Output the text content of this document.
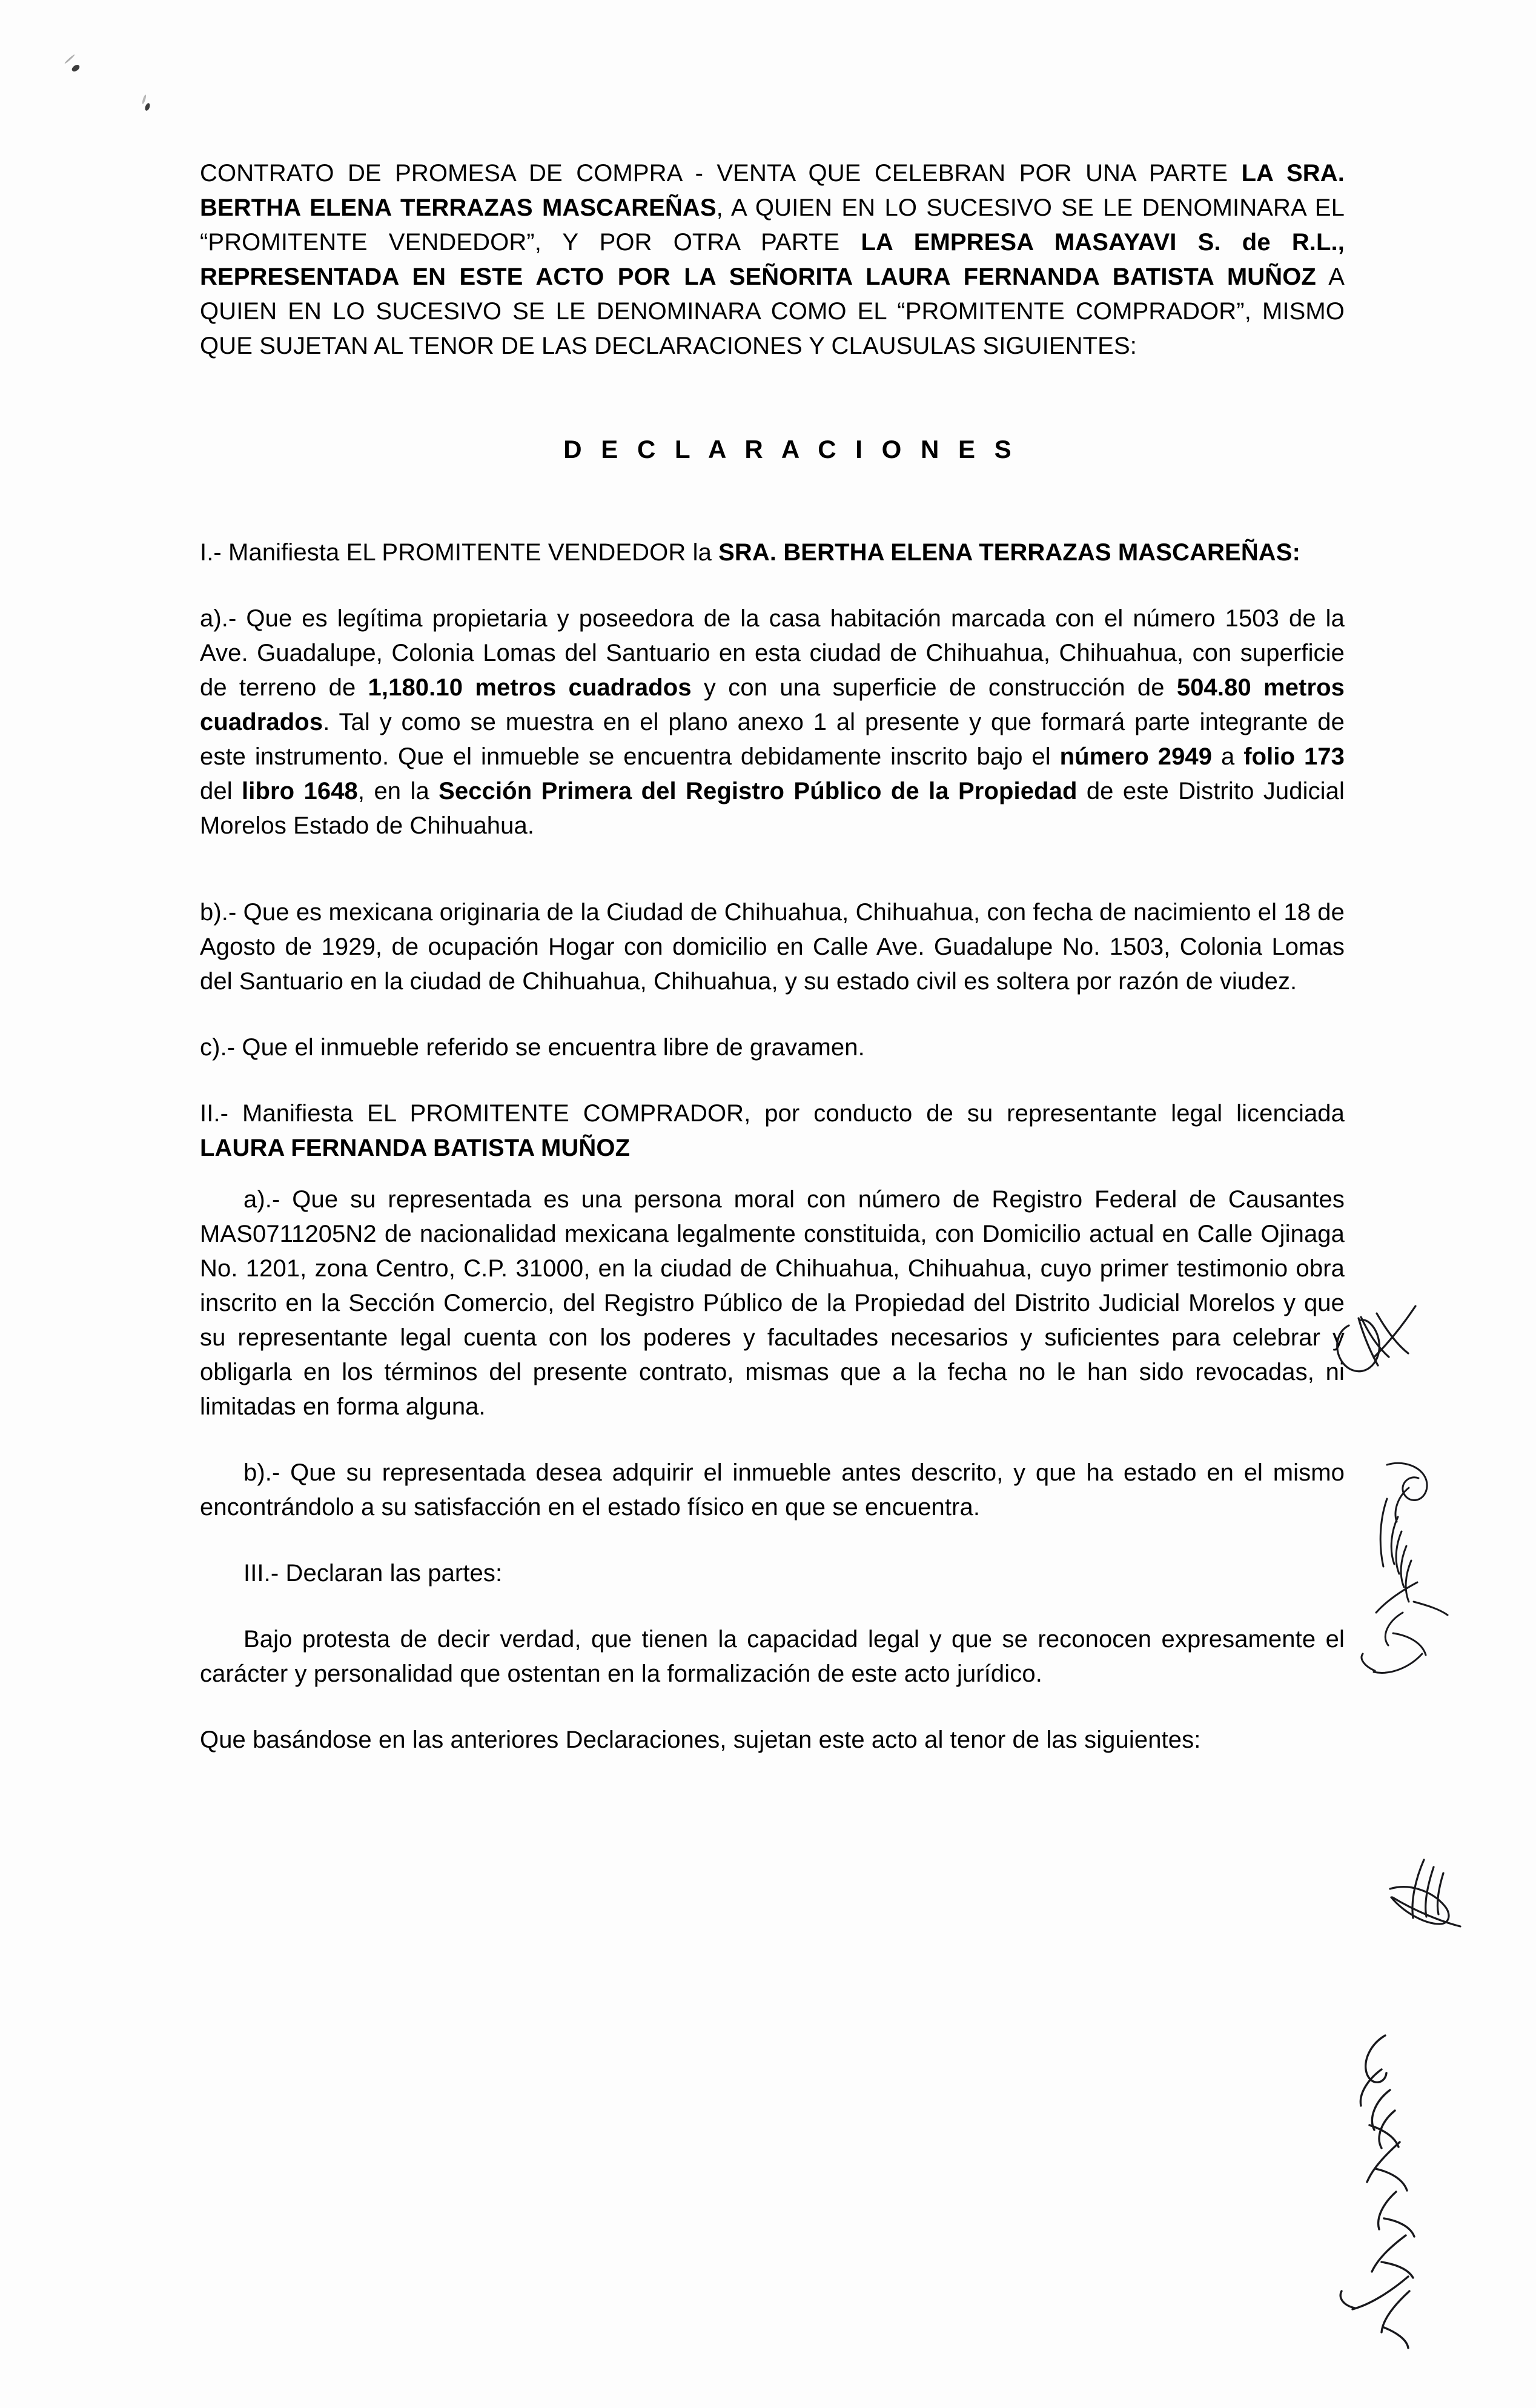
CONTRATO DE PROMESA DE COMPRA - VENTA QUE CELEBRAN POR UNA PARTE LA SRA. BERTHA ELENA TERRAZAS MASCAREÑAS, A QUIEN EN LO SUCESIVO SE LE DENOMINARA EL “PROMITENTE VENDEDOR”, Y POR OTRA PARTE LA EMPRESA MASAYAVI S. de R.L., REPRESENTADA EN ESTE ACTO POR LA SEÑORITA LAURA FERNANDA BATISTA MUÑOZ A QUIEN EN LO SUCESIVO SE LE DENOMINARA COMO EL “PROMITENTE COMPRADOR”, MISMO QUE SUJETAN AL TENOR DE LAS DECLARACIONES Y CLAUSULAS SIGUIENTES:

D E C L A R A C I O N E S

I.- Manifiesta EL PROMITENTE VENDEDOR la SRA. BERTHA ELENA TERRAZAS MASCAREÑAS:

a).- Que es legítima propietaria y poseedora de la casa habitación marcada con el número 1503 de la Ave. Guadalupe, Colonia Lomas del Santuario en esta ciudad de Chihuahua, Chihuahua, con superficie de terreno de 1,180.10 metros cuadrados y con una superficie de construcción de 504.80 metros cuadrados. Tal y como se muestra en el plano anexo 1 al presente y que formará parte integrante de este instrumento. Que el inmueble se encuentra debidamente inscrito bajo el número 2949 a folio 173 del libro 1648, en la Sección Primera del Registro Público de la Propiedad de este Distrito Judicial Morelos Estado de Chihuahua.

b).- Que es mexicana originaria de la Ciudad de Chihuahua, Chihuahua, con fecha de nacimiento el 18 de Agosto de 1929, de ocupación Hogar con domicilio en Calle Ave. Guadalupe No. 1503, Colonia Lomas del Santuario en la ciudad de Chihuahua, Chihuahua, y su estado civil es soltera por razón de viudez.

c).- Que el inmueble referido se encuentra libre de gravamen.

II.- Manifiesta EL PROMITENTE COMPRADOR, por conducto de su representante legal licenciada LAURA FERNANDA BATISTA MUÑOZ

a).- Que su representada es una persona moral con número de Registro Federal de Causantes MAS0711205N2 de nacionalidad mexicana legalmente constituida, con Domicilio actual en Calle Ojinaga No. 1201, zona Centro, C.P. 31000, en la ciudad de Chihuahua, Chihuahua, cuyo primer testimonio obra inscrito en la Sección Comercio, del Registro Público de la Propiedad del Distrito Judicial Morelos y que su representante legal cuenta con los poderes y facultades necesarios y suficientes para celebrar y obligarla en los términos del presente contrato, mismas que a la fecha no le han sido revocadas, ni limitadas en forma alguna.

b).- Que su representada desea adquirir el inmueble antes descrito, y que ha estado en el mismo encontrándolo a su satisfacción en el estado físico en que se encuentra.

III.- Declaran las partes:

Bajo protesta de decir verdad, que tienen la capacidad legal y que se reconocen expresamente el carácter y personalidad que ostentan en la formalización de este acto jurídico.

Que basándose en las anteriores Declaraciones, sujetan este acto al tenor de las siguientes:
